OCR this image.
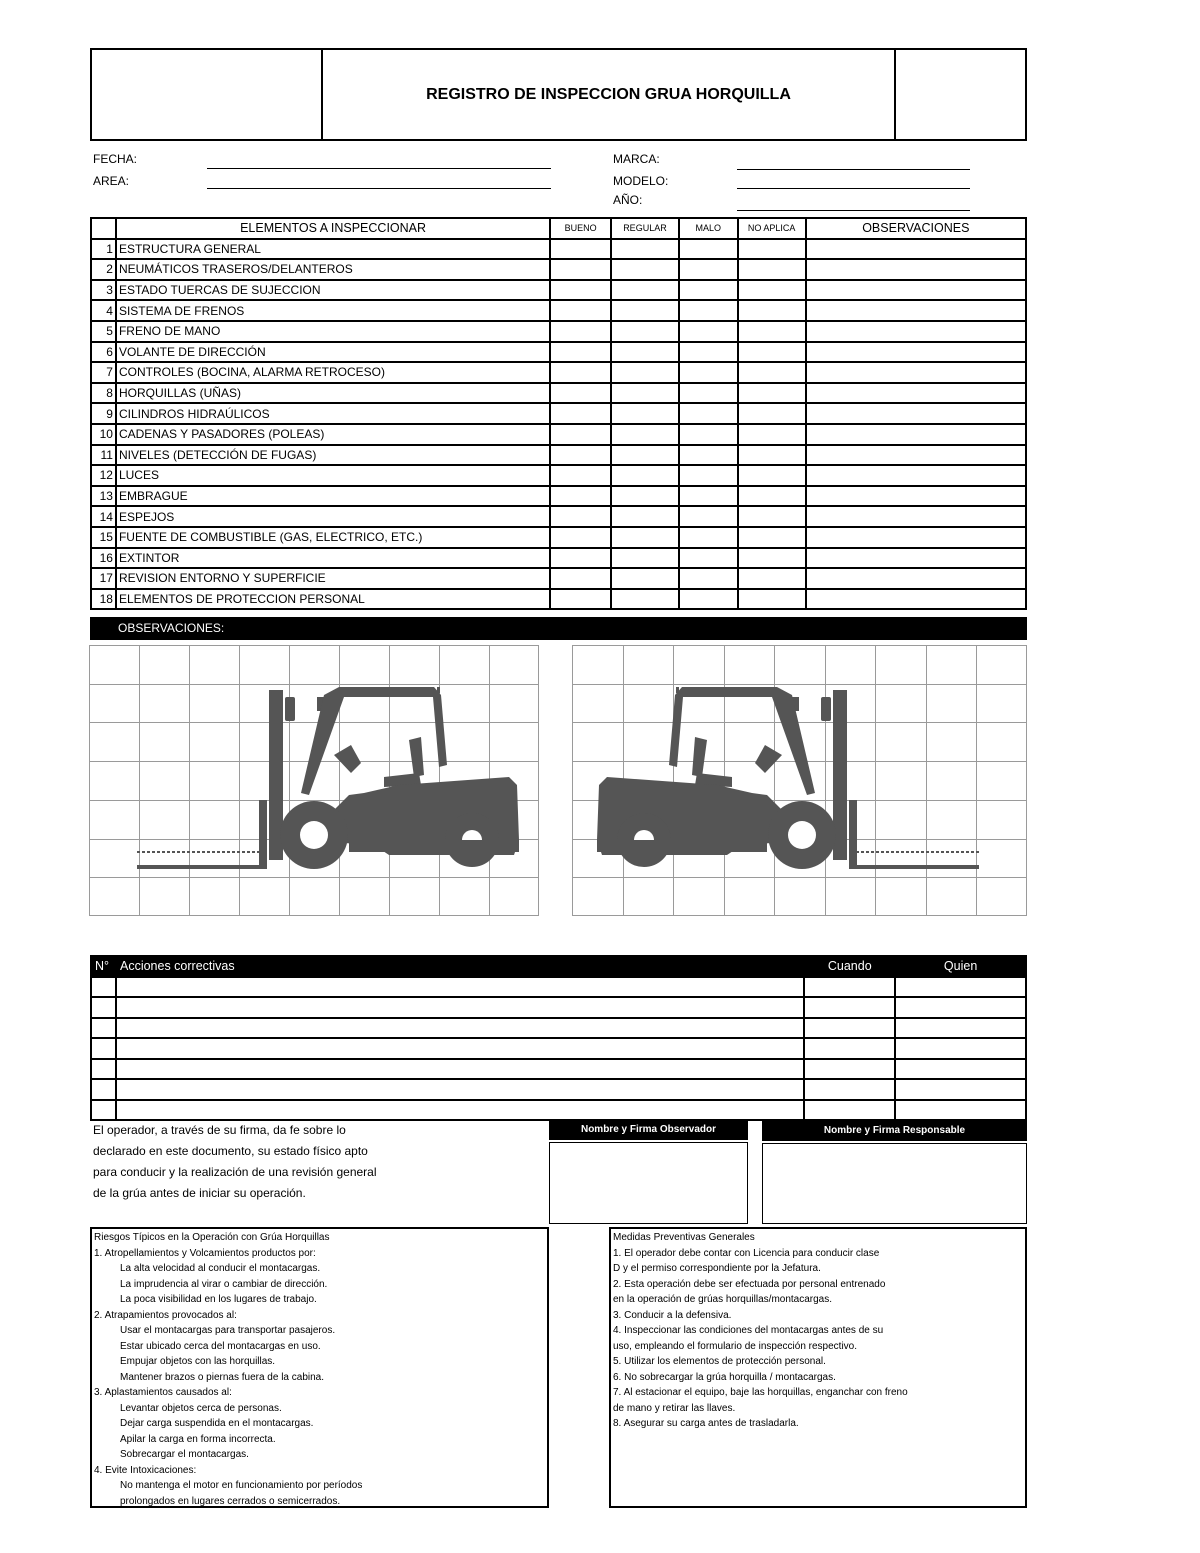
REGISTRO DE INSPECCION GRUA HORQUILLA
FECHA:
AREA:
MARCA:
MODELO:
AÑO:
	ELEMENTOS A INSPECCIONAR	BUENO	REGULAR	MALO	NO APLICA	OBSERVACIONES
1	ESTRUCTURA GENERAL					
2	NEUMÁTICOS TRASEROS/DELANTEROS					
3	ESTADO TUERCAS DE SUJECCION					
4	SISTEMA DE FRENOS					
5	FRENO DE MANO					
6	VOLANTE DE DIRECCIÓN					
7	CONTROLES (BOCINA, ALARMA RETROCESO)					
8	HORQUILLAS (UÑAS)					
9	CILINDROS HIDRAÚLICOS					
10	CADENAS Y PASADORES (POLEAS)					
11	NIVELES (DETECCIÓN DE FUGAS)					
12	LUCES					
13	EMBRAGUE					
14	ESPEJOS					
15	FUENTE DE COMBUSTIBLE (GAS, ELECTRICO, ETC.)					
16	EXTINTOR					
17	REVISION ENTORNO Y SUPERFICIE					
18	ELEMENTOS DE PROTECCION PERSONAL					
OBSERVACIONES:
N°	Acciones correctivas	Cuando	Quien

El operador, a través de su firma, da fe sobre lo
declarado en este documento, su estado físico apto
para conducir y la realización de una revisión general
de la grúa antes de iniciar su operación.
Nombre y Firma Observador	Nombre y Firma Responsable
Riesgos Típicos en la Operación con Grúa Horquillas
1. Atropellamientos y Volcamientos productos por:
La alta velocidad al conducir el montacargas.
La imprudencia al virar o cambiar de dirección.
La poca visibilidad en los lugares de trabajo.
2. Atrapamientos provocados al:
Usar el montacargas para transportar pasajeros.
Estar ubicado cerca del montacargas en uso.
Empujar objetos con las horquillas.
Mantener brazos o piernas fuera de la cabina.
3. Aplastamientos causados al:
Levantar objetos cerca de personas.
Dejar carga suspendida en el montacargas.
Apilar la carga en forma incorrecta.
Sobrecargar el montacargas.
4. Evite Intoxicaciones:
No mantenga el motor en funcionamiento por períodos
prolongados en lugares cerrados o semicerrados.
Medidas Preventivas Generales
1. El operador debe contar con Licencia para conducir clase
D y el permiso correspondiente por la Jefatura.
2. Esta operación debe ser efectuada por personal entrenado
en la operación de grúas horquillas/montacargas.
3. Conducir a la defensiva.
4. Inspeccionar las condiciones del montacargas antes de su
uso, empleando el formulario de inspección respectivo.
5. Utilizar los elementos de protección personal.
6. No sobrecargar la grúa horquilla / montacargas.
7. Al estacionar el equipo, baje las horquillas, enganchar con freno
de mano y retirar las llaves.
8. Asegurar su carga antes de trasladarla.
